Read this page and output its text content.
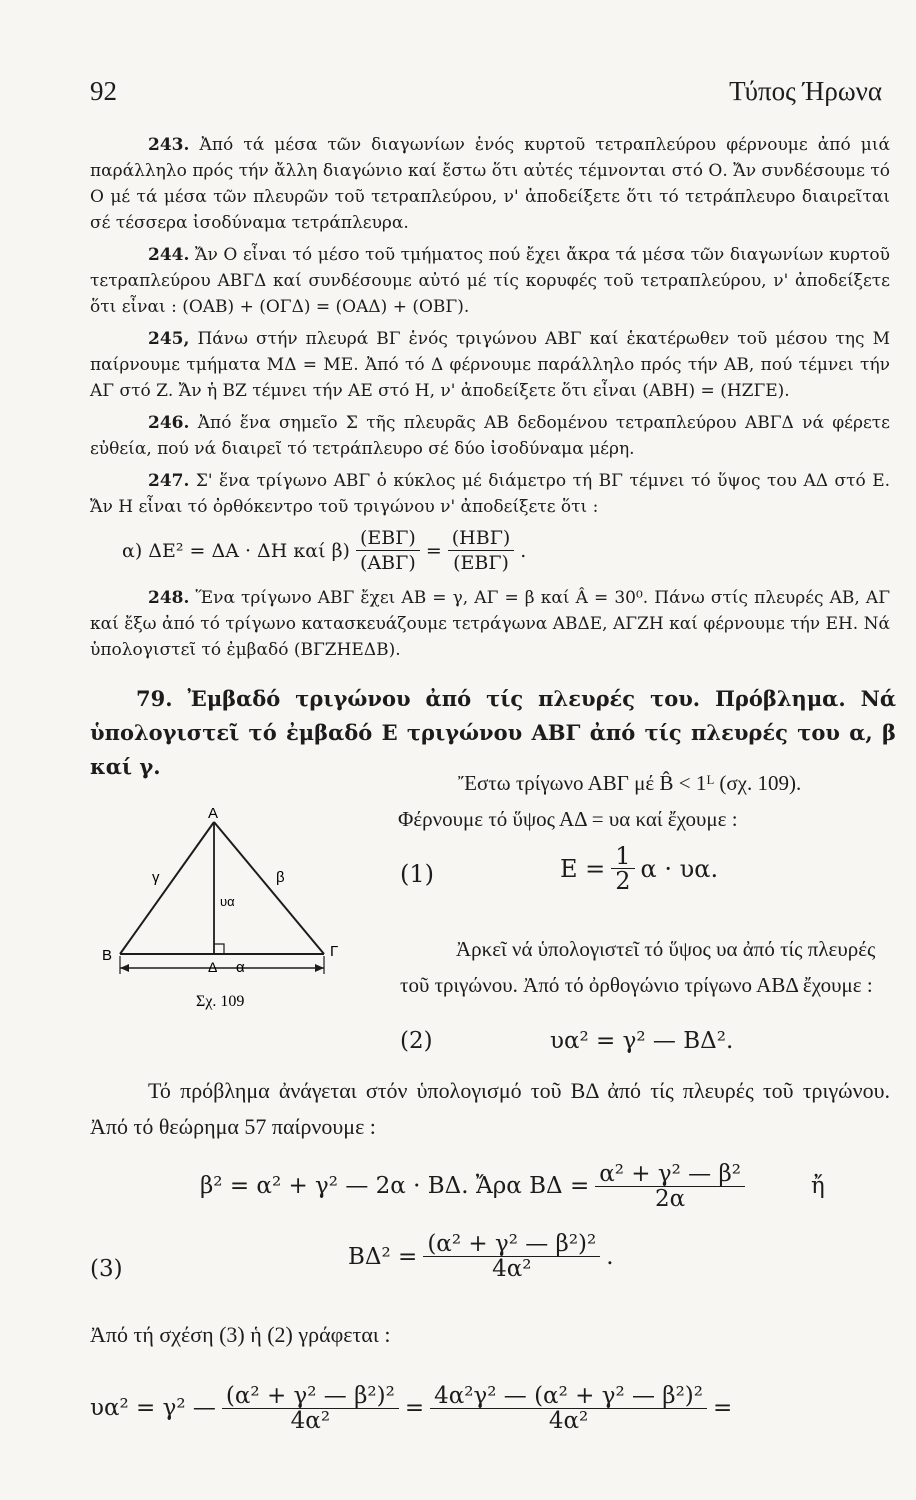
92	Τύπος Ήρωνα

243. Ἀπό τά μέσα τῶν διαγωνίων ἑνός κυρτοῦ τετραπλεύρου φέρνουμε ἀπό μιά παράλληλο πρός τήν ἄλλη διαγώνιο καί ἔστω ὅτι αὐτές τέμνονται στό Ο. Ἄν συνδέσουμε τό Ο μέ τά μέσα τῶν πλευρῶν τοῦ τετραπλεύρου, ν' ἀποδείξετε ὅτι τό τετράπλευρο διαιρεῖται σέ τέσσερα ἰσοδύναμα τετράπλευρα.

244. Ἄν Ο εἶναι τό μέσο τοῦ τμήματος πού ἔχει ἄκρα τά μέσα τῶν διαγωνίων κυρτοῦ τετραπλεύρου ΑΒΓΔ καί συνδέσουμε αὐτό μέ τίς κορυφές τοῦ τετραπλεύρου, ν' ἀποδείξετε ὅτι εἶναι : (ΟΑΒ) + (ΟΓΔ) = (ΟΑΔ) + (ΟΒΓ).

245, Πάνω στήν πλευρά ΒΓ ἑνός τριγώνου ΑΒΓ καί ἑκατέρωθεν τοῦ μέσου της Μ παίρνουμε τμήματα ΜΔ = ΜΕ. Ἀπό τό Δ φέρνουμε παράλληλο πρός τήν ΑΒ, πού τέμνει τήν ΑΓ στό Ζ. Ἄν ἡ ΒΖ τέμνει τήν ΑΕ στό Η, ν' ἀποδείξετε ὅτι εἶναι (ΑΒΗ) = (ΗΖΓΕ).

246. Ἀπό ἕνα σημεῖο Σ τῆς πλευρᾶς ΑΒ δεδομένου τετραπλεύρου ΑΒΓΔ νά φέρετε εὐθεία, πού νά διαιρεῖ τό τετράπλευρο σέ δύο ἰσοδύναμα μέρη.

247. Σ' ἕνα τρίγωνο ΑΒΓ ὁ κύκλος μέ διάμετρο τή ΒΓ τέμνει τό ὕψος του ΑΔ στό Ε. Ἄν Η εἶναι τό ὀρθόκεντρο τοῦ τριγώνου ν' ἀποδείξετε ὅτι :

α) ΔΕ² = ΔΑ · ΔΗ καί $\beta) \frac{\text{(ΕΒΓ)}}{\text{(ΑΒΓ)}} = \frac{\text{(ΗΒΓ)}}{\text{(ΕΒΓ)}}$ .

248. Ἕνα τρίγωνο ΑΒΓ ἔχει ΑΒ = γ, ΑΓ = β καί Â = 30⁰. Πάνω στίς πλευρές ΑΒ, ΑΓ καί ἔξω ἀπό τό τρίγωνο κατασκευάζουμε τετράγωνα ΑΒΔΕ, ΑΓΖΗ καί φέρνουμε τήν ΕΗ. Νά ὑπολογιστεῖ τό ἐμβαδό (ΒΓΖΗΕΔΒ).

79. Ἐμβαδό τριγώνου ἀπό τίς πλευρές του. Πρόβλημα. Νά ὑπολογιστεῖ τό ἐμβαδό Ε τριγώνου ΑΒΓ ἀπό τίς πλευρές του α, β καί γ.
Α
Β	Γ
Δ
γ	β
υα
α
Σχ. 109

Ἔστω τρίγωνο ΑΒΓ μέ B̂ < 1ᴸ (σχ. 109).

Φέρνουμε τό ὕψος ΑΔ = υα καί ἔχουμε :

(1)	$E = \frac{1}{2}$ α · υα.

Ἀρκεῖ νά ὑπολογιστεῖ τό ὕψος υα ἀπό τίς πλευρές τοῦ τριγώνου. Ἀπό τό ὀρθογώνιο τρίγωνο ΑΒΔ ἔχουμε :

(2)	υα² = γ² — ΒΔ².

Τό πρόβλημα ἀνάγεται στόν ὑπολογισμό τοῦ ΒΔ ἀπό τίς πλευρές τοῦ τριγώνου. Ἀπό τό θεώρημα 57 παίρνουμε :

β² = α² + γ² — 2α · ΒΔ. Ἄρα $B\Delta = \frac{\text{α² + γ² — β²}}{2\alpha}$	ἤ
(3)	$B\Delta^2 = \frac{\text{(α² + γ² — β²)²}}{\text{4α²}}$ .
Ἀπό τή σχέση (3) ἡ (2) γράφεται :
υα² = γ² — $\frac{\text{(α² + γ² — β²)²}}{\text{4α²}} = \frac{\text{4α²γ² — (α² + γ² — β²)²}}{\text{4α²}}$ =
